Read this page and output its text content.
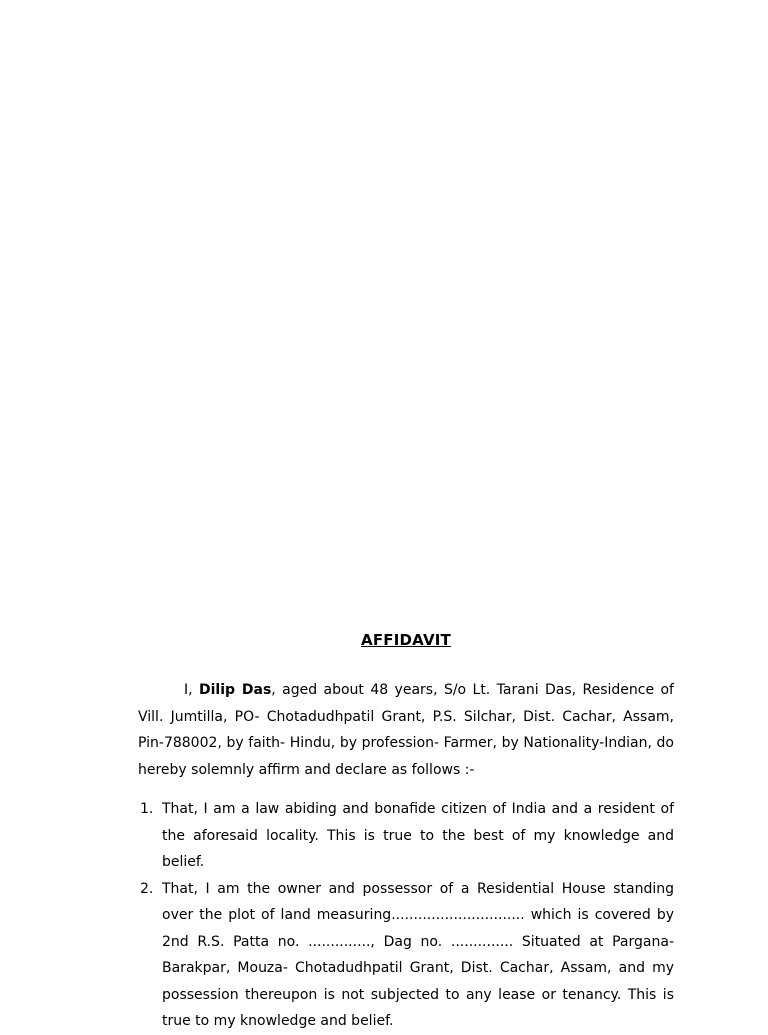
AFFIDAVIT

I, Dilip Das, aged about 48 years, S/o Lt. Tarani Das, Residence of Vill. Jumtilla, PO- Chotadudhpatil Grant, P.S. Silchar, Dist. Cachar, Assam, Pin-788002, by faith- Hindu, by profession- Farmer, by Nationality-Indian, do hereby solemnly affirm and declare as follows :-

1. That, I am a law abiding and bonafide citizen of India and a resident of the aforesaid locality. This is true to the best of my knowledge and belief.
2. That, I am the owner and possessor of a Residential House standing over the plot of land measuring.............................. which is covered by 2nd R.S. Patta no. .............., Dag no. .............. Situated at Pargana-Barakpar, Mouza- Chotadudhpatil Grant, Dist. Cachar, Assam, and my possession thereupon is not subjected to any lease or tenancy. This is true to my knowledge and belief.
